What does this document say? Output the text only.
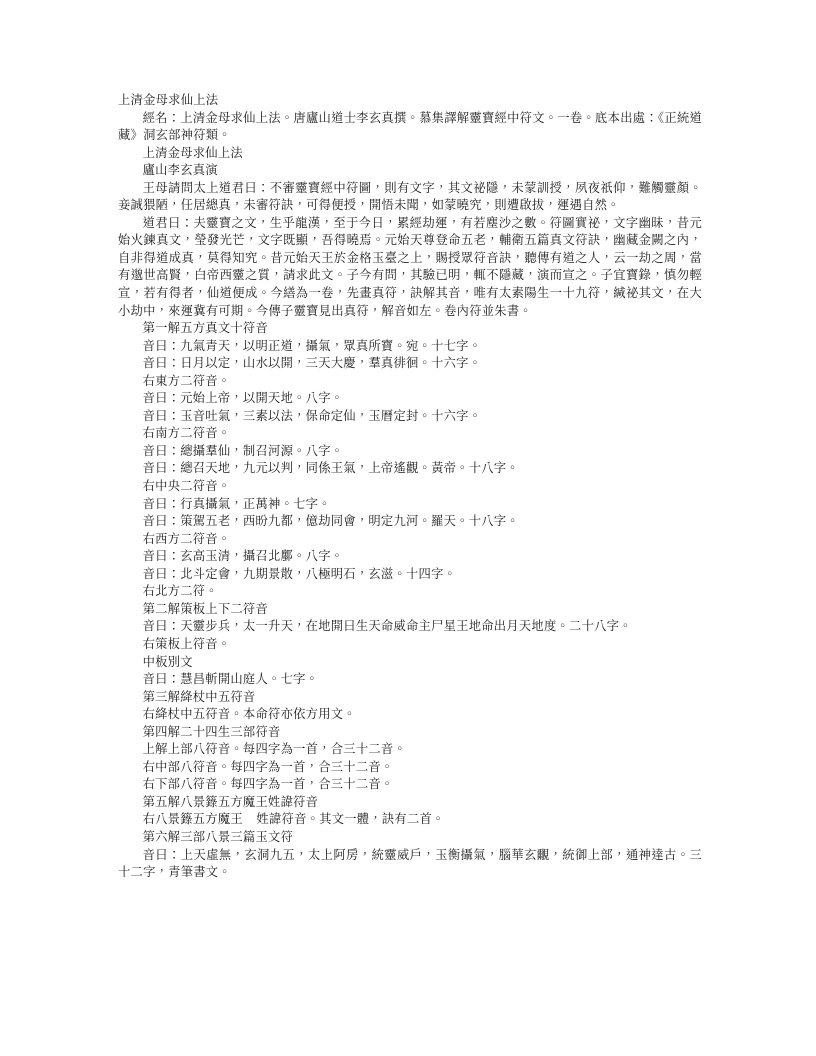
上清金母求仙上法

經名：上清金母求仙上法。唐廬山道士李玄真撰。慕集譯解靈寶經中符文。一卷。底本出處：《正統道藏》洞玄部神符類。

上清金母求仙上法

廬山李玄真演

王母請問太上道君曰：不審靈寶經中符圖，則有文字，其文祕隱，未蒙訓授，夙夜祇仰，難觸靈顏。妾誠猥陋，任居總真，未審符訣，可得便授，開悟未聞，如蒙曉究，則遭啟拔，運遇自然。

道君曰：夫靈寶之文，生乎龍漢，至于今日，累經劫運，有若塵沙之數。符圖實祕，文字幽昧，昔元始火鍊真文，瑩發光芒，文字既顯，吾得曉焉。元始天尊登命五老，輔衛五篇真文符訣，幽藏金闕之內，自非得道成真，莫得知究。昔元始天王於金格玉臺之上，賜授眾符音訣，聽傳有道之人，云一劫之周，當有邈世高賢，白帝西靈之質，請求此文。子今有問，其驗已明，輒不隱藏，演而宣之。子宜寶錄，慎勿輕宣，若有得者，仙道便成。今繕為一卷，先畫真符，訣解其音，唯有太素陽生一十九符，緘祕其文，在大小劫中，來運冀有可期。今傳子靈寶見出真符，解音如左。卷內符並朱書。

第一解五方真文十符音

音曰：九氣青天，以明正道，攝氣，眾真所寶。宛。十七字。

音曰：日月以定，山水以開，三天大慶，羣真徘徊。十六字。

右東方二符音。

音曰：元始上帝，以開天地。八字。

音曰：玉音吐氣，三素以法，保命定仙，玉曆定封。十六字。

右南方二符音。

音曰：總攝羣仙，制召河源。八字。

音曰：總召天地，九元以判，同係王氣，上帝遙觀。黃帝。十八字。

右中央二符音。

音曰：行真攝氣，正萬神。七字。

音曰：策駕五老，西昐九都，億劫同會，明定九河。羅天。十八字。

右西方二符音。

音曰：玄高玉清，攝召北鄽。八字。

音曰：北斗定會，九期景散，八極明石，玄滋。十四字。

右北方二符。

第二解策板上下二符音

音曰：天靈步兵，太一升天，在地開曰生天命威命主尸星王地命出月天地度。二十八字。

右策板上符音。

中板別文

音曰：慧昌斬開山庭人。七字。

第三解絳杖中五符音

右絳杖中五符音。本命符亦依方用文。

第四解二十四生三部符音

上解上部八符音。每四字為一首，合三十二音。

右中部八符音。每四字為一首，合三十二音。

右下部八符音。每四字為一首，合三十二音。

第五解八景籙五方魔王姓諱符音

右八景籙五方魔王 姓諱符音。其文一體，訣有二首。

第六解三部八景三篇玉文符

音曰：上天虛無，玄洞九五，太上阿房，統靈威戶，玉衡攝氣，腦華玄覼，統御上部，通神達古。三十二字，青筆書文。
